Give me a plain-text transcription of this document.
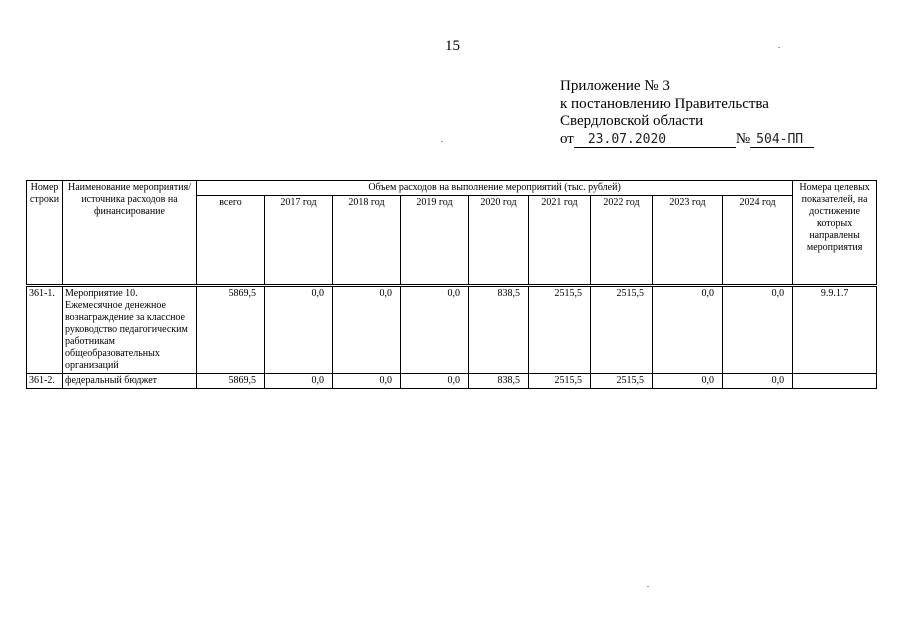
15
Приложение № 3
к постановлению Правительства
Свердловской области
от 23.07.2020	№ 504-ПП
Номер строки	Наименование мероприятия/ источника расходов на финансирование	Объем расходов на выполнение мероприятий (тыс. рублей)									Номера целевых показателей, на достижение которых направлены мероприятия
		всего	2017 год	2018 год	2019 год	2020 год	2021 год	2022 год	2023 год	2024 год	
361-1.	Мероприятие 10. Ежемесячное денежное вознаграждение за классное руководство педагогическим работникам общеобразовательных организаций	5869,5	0,0	0,0	0,0	838,5	2515,5	2515,5	0,0	0,0	9.9.1.7
361-2.	федеральный бюджет	5869,5	0,0	0,0	0,0	838,5	2515,5	2515,5	0,0	0,0	
